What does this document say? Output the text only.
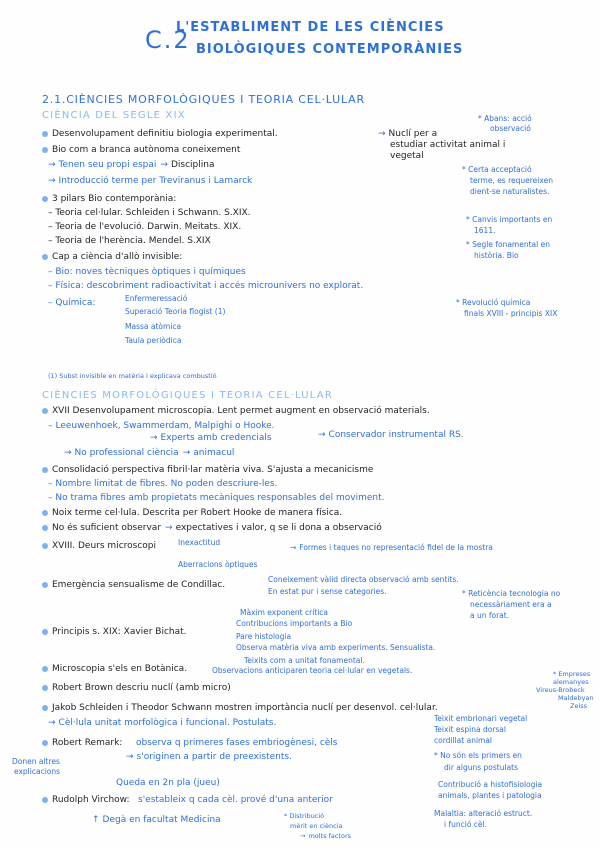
C.2
L'ESTABLIMENT DE LES CIÈNCIES
BIOLÒGIQUES CONTEMPORÀNIES
2.1.CIÈNCIES MORFOLÒGIQUES I TEORIA CEL·LULAR
CIÈNCIA DEL SEGLE XIX
Desenvolupament definitiu biologia experimental.	→ Nuclí per a
estudiar activitat animal i
vegetal
* Abans: acció
observació
Bio com a branca autònoma coneixement
→ Tenen seu propi espai → Disciplina
→ Introducció terme per Treviranus i Lamarck
* Certa acceptació
terme, es requereixen
dient-se naturalistes.
3 pilars Bio contemporània:
– Teoria cel·lular. Schleiden i Schwann. S.XIX.
– Teoria de l'evolució. Darwin. Meitats. XIX.
– Teoria de l'herència. Mendel. S.XIX
* Canvis importants en
1611.
* Segle fonamental en
història. Bio
Cap a ciència d'allò invisible:
– Bio: noves tècniques òptiques i químiques
– Física: descobriment radioactivitat i accés microunivers no explorat.
– Química:	Enfermeressació
Superació Teoria flogist (1)
Massa atòmica
Taula periòdica
* Revolució química
finals XVIII - principis XIX
(1) Subst invisible en matèria i explicava combustió
CIÈNCIES MORFOLÒGIQUES I TEORIA CEL·LULAR
XVII Desenvolupament microscopia. Lent permet augment en observació materials.
– Leeuwenhoek, Swammerdam, Malpighi o Hooke.
→ Experts amb credencials	→ Conservador instrumental RS.
→ No professional ciència → animacul
Consolidació perspectiva fibril·lar matèria viva. S'ajusta a mecanicisme
– Nombre limitat de fibres. No poden descriure-les.
– No trama fibres amb propietats mecàniques responsables del moviment.
Noix terme cel·lula. Descrita per Robert Hooke de manera física.
No és suficient observar → expectatives i valor, q se li dona a observació
XVIII. Deurs microscopi	Inexactitud
Aberracions òptiques
→ Formes i taques no representació fidel de la mostra
Emergència sensualisme de Condillac.
Coneixement vàlid directa observació amb sentits.
En estat pur i sense categories.	* Reticència tecnologia no
necessàriament era a
a un forat.
Principis s. XIX: Xavier Bichat.
Màxim exponent crítica
Contribucions importants a Bio
Pare histologia
Observa matèria viva amb experiments. Sensualista.
Teixits com a unitat fonamental.
Microscopia s'els en Botànica.	Observacions anticiparen teoria cel·lular en vegetals.	* Empreses
alemanyes
Vireus-Brobeck
Maldebyan
Zeiss
Robert Brown descriu nuclí (amb micro)
Jakob Schleiden i Theodor Schwann mostren importància nuclí per desenvol. cel·lular.
→ Cèl·lula unitat morfològica i funcional. Postulats.	Teixit embrionari vegetal
Teixit espina dorsal
cordillat animal
Robert Remark: observa q primeres fases embriogènesi, cèls
→ s'originen a partir de preexistents.
Donen altres
explicacions
* No són els primers en
dir alguns postulats
Queda en 2n pla (jueu)
Rudolph Virchow: s'estableix q cada cèl. prové d'una anterior
Contribució a histofisiologia
animals, plantes i patologia
Malaltia: alteració estruct.
i funció cèl.
↑ Degà en facultat Medicina	* Distribució
mèrit en ciència
→ molts factors
